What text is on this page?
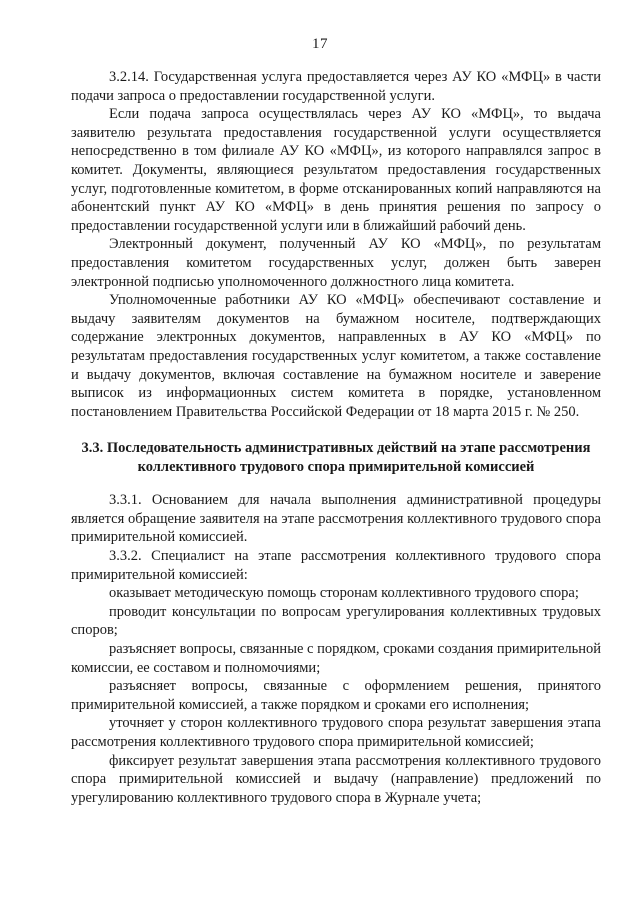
17

3.2.14. Государственная услуга предоставляется через АУ КО «МФЦ» в части подачи запроса о предоставлении государственной услуги.

Если подача запроса осуществлялась через АУ КО «МФЦ», то выдача заявителю результата предоставления государственной услуги осуществляется непосредственно в том филиале АУ КО «МФЦ», из которого направлялся запрос в комитет. Документы, являющиеся результатом предоставления государственных услуг, подготовленные комитетом, в форме отсканированных копий направляются на абонентский пункт АУ КО «МФЦ» в день принятия решения по запросу о предоставлении государственной услуги или в ближайший рабочий день.

Электронный документ, полученный АУ КО «МФЦ», по результатам предоставления комитетом государственных услуг, должен быть заверен электронной подписью уполномоченного должностного лица комитета.

Уполномоченные работники АУ КО «МФЦ» обеспечивают составление и выдачу заявителям документов на бумажном носителе, подтверждающих содержание электронных документов, направленных в АУ КО «МФЦ» по результатам предоставления государственных услуг комитетом, а также составление и выдачу документов, включая составление на бумажном носителе и заверение выписок из информационных систем комитета в порядке, установленном постановлением Правительства Российской Федерации от 18 марта 2015 г. № 250.

3.3. Последовательность административных действий на этапе рассмотрения коллективного трудового спора примирительной комиссией

3.3.1. Основанием для начала выполнения административной процедуры является обращение заявителя на этапе рассмотрения коллективного трудового спора примирительной комиссией.

3.3.2. Специалист на этапе рассмотрения коллективного трудового спора примирительной комиссией:

оказывает методическую помощь сторонам коллективного трудового спора;

проводит консультации по вопросам урегулирования коллективных трудовых споров;

разъясняет вопросы, связанные с порядком, сроками создания примирительной комиссии, ее составом и полномочиями;

разъясняет вопросы, связанные с оформлением решения, принятого примирительной комиссией, а также порядком и сроками его исполнения;

уточняет у сторон коллективного трудового спора результат завершения этапа рассмотрения коллективного трудового спора примирительной комиссией;

фиксирует результат завершения этапа рассмотрения коллективного трудового спора примирительной комиссией и выдачу (направление) предложений по урегулированию коллективного трудового спора в Журнале учета;
